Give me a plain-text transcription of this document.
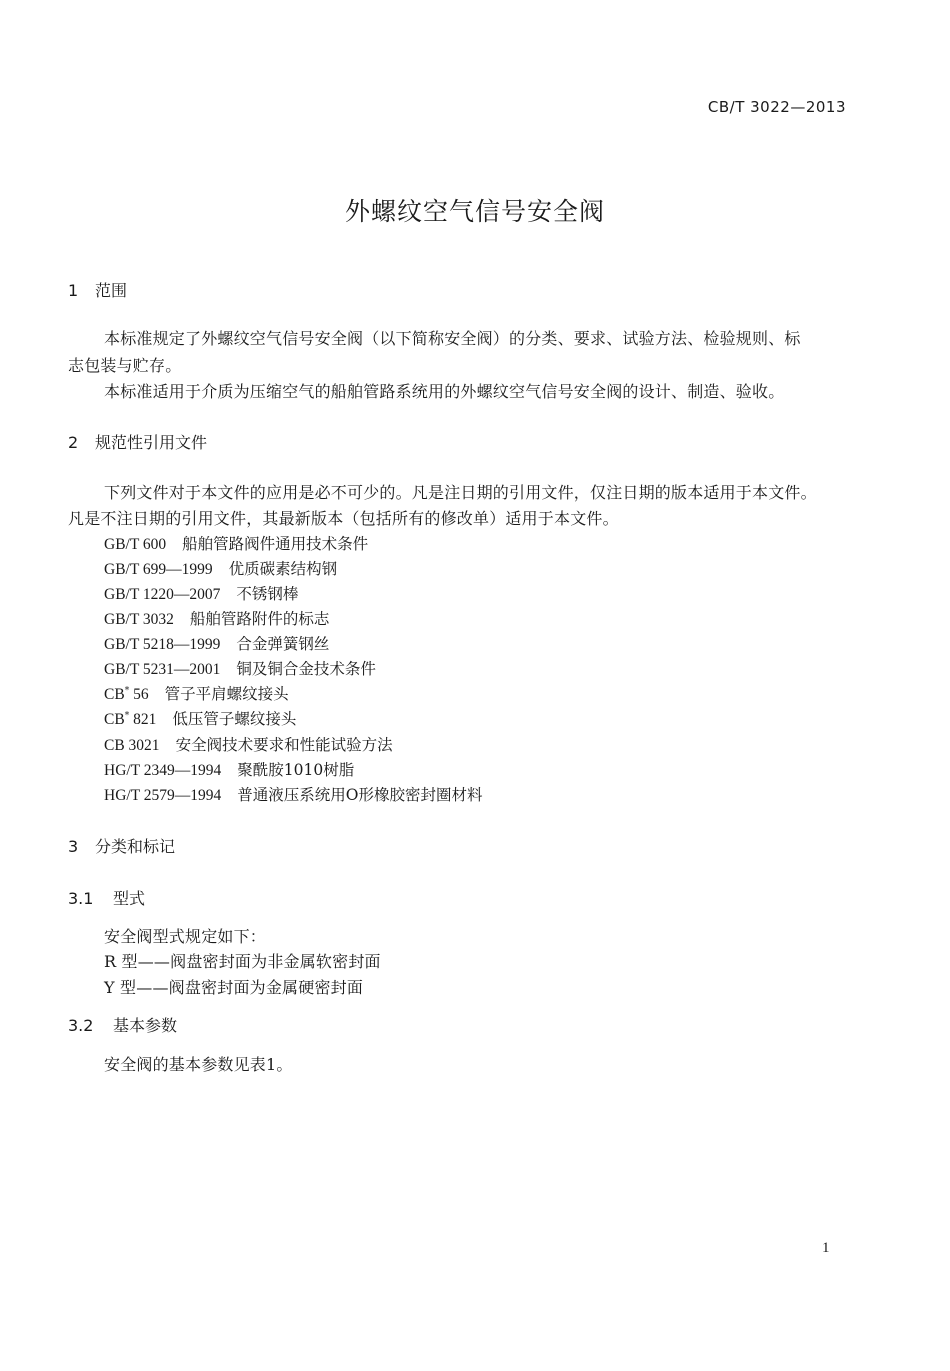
CB/T 3022—2013
外螺纹空气信号安全阀
1 范围
本标准规定了外螺纹空气信号安全阀（以下简称安全阀）的分类、要求、试验方法、检验规则、标
志包装与贮存。
本标准适用于介质为压缩空气的船舶管路系统用的外螺纹空气信号安全阀的设计、制造、验收。
2 规范性引用文件
下列文件对于本文件的应用是必不可少的。凡是注日期的引用文件，仅注日期的版本适用于本文件。
凡是不注日期的引用文件，其最新版本（包括所有的修改单）适用于本文件。
GB/T 600 船舶管路阀件通用技术条件
GB/T 699—1999 优质碳素结构钢
GB/T 1220—2007 不锈钢棒
GB/T 3032 船舶管路附件的标志
GB/T 5218—1999 合金弹簧钢丝
GB/T 5231—2001 铜及铜合金技术条件
CB* 56 管子平肩螺纹接头
CB* 821 低压管子螺纹接头
CB 3021 安全阀技术要求和性能试验方法
HG/T 2349—1994 聚酰胺1010树脂
HG/T 2579—1994 普通液压系统用O形橡胶密封圈材料
3 分类和标记
3.1 型式
安全阀型式规定如下：
R 型——阀盘密封面为非金属软密封面
Y 型——阀盘密封面为金属硬密封面
3.2 基本参数
安全阀的基本参数见表1。
1
